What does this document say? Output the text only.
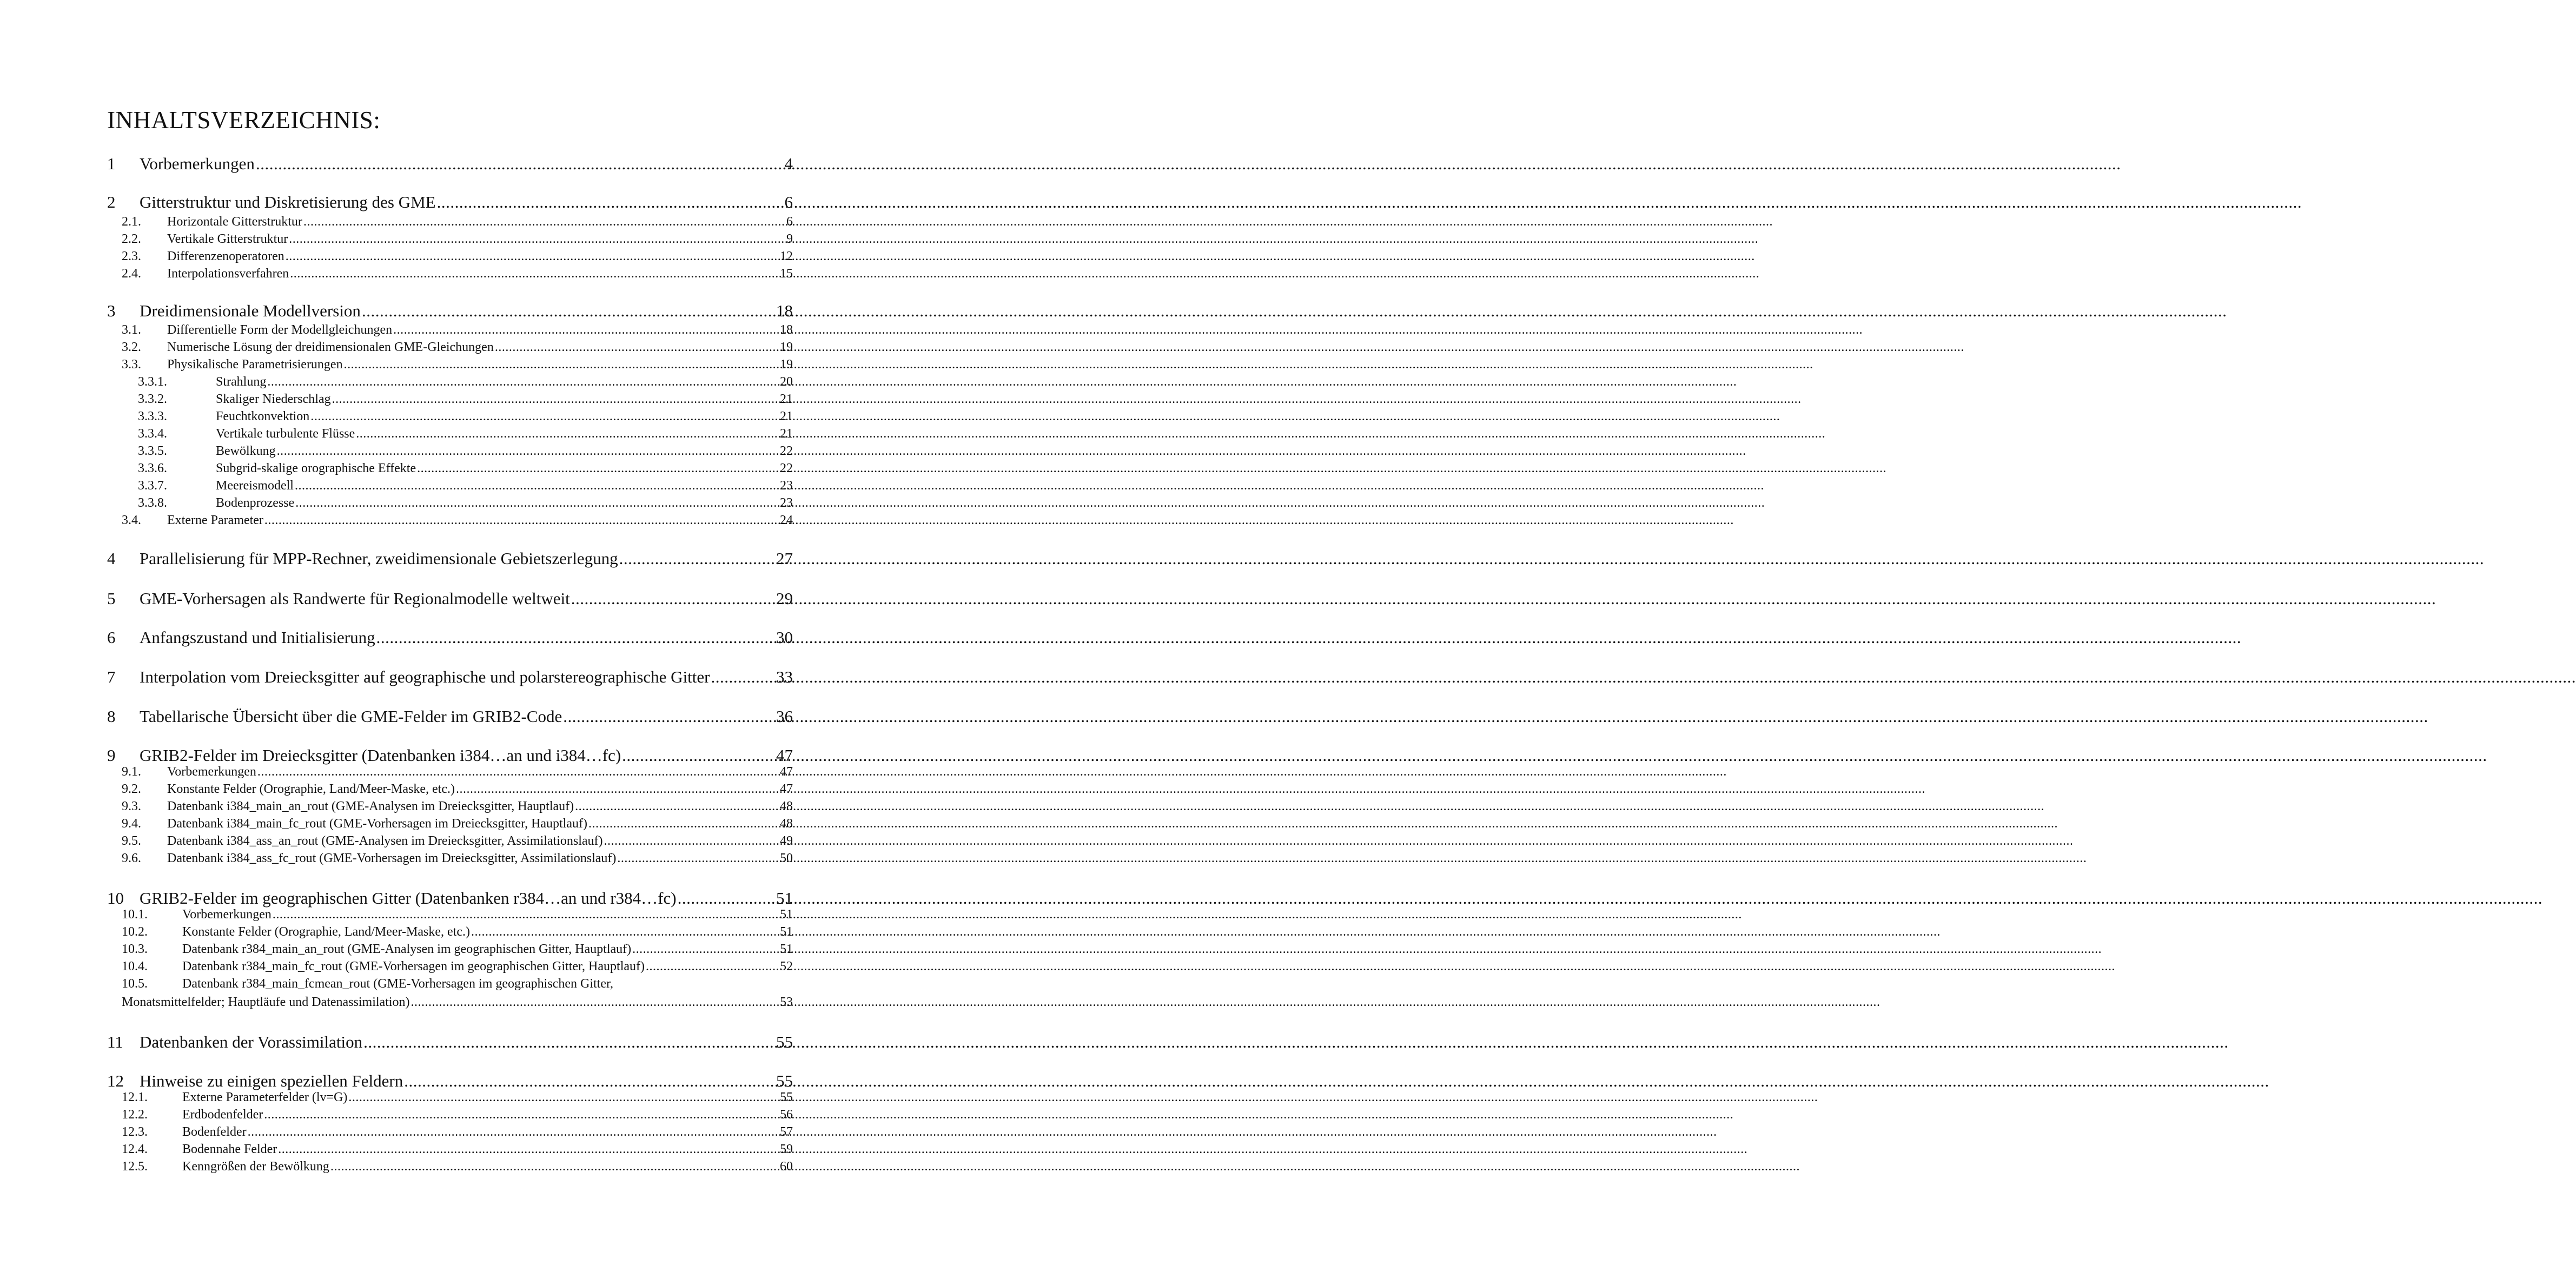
INHALTSVERZEICHNIS:
1	Vorbemerkungen .....	4
2	Gitterstruktur und Diskretisierung des GME .....	6
2.1.	Horizontale Gitterstruktur .....	6
2.2.	Vertikale Gitterstruktur .....	9
2.3.	Differenzenoperatoren .....	12
2.4.	Interpolationsverfahren .....	15
3	Dreidimensionale Modellversion .....	18
3.1.	Differentielle Form der Modellgleichungen .....	18
3.2.	Numerische Lösung der dreidimensionalen GME-Gleichungen .....	19
3.3.	Physikalische Parametrisierungen .....	19
3.3.1.	Strahlung .....	20
3.3.2.	Skaliger Niederschlag .....	21
3.3.3.	Feuchtkonvektion .....	21
3.3.4.	Vertikale turbulente Flüsse .....	21
3.3.5.	Bewölkung .....	22
3.3.6.	Subgrid-skalige orographische Effekte .....	22
3.3.7.	Meereismodell .....	23
3.3.8.	Bodenprozesse .....	23
3.4.	Externe Parameter .....	24
4	Parallelisierung für MPP-Rechner, zweidimensionale Gebietszerlegung .....	27
5	GME-Vorhersagen als Randwerte für Regionalmodelle weltweit .....	29
6	Anfangszustand und Initialisierung .....	30
7	Interpolation vom Dreiecksgitter auf geographische und polarstereographische Gitter .....	33
8	Tabellarische Übersicht über die GME-Felder im GRIB2-Code .....	36
9	GRIB2-Felder im Dreiecksgitter (Datenbanken i384…an und i384…fc) .....	47
9.1.	Vorbemerkungen .....	47
9.2.	Konstante Felder (Orographie, Land/Meer-Maske, etc.) .....	47
9.3.	Datenbank i384_main_an_rout (GME-Analysen im Dreiecksgitter, Hauptlauf) .....	48
9.4.	Datenbank i384_main_fc_rout (GME-Vorhersagen im Dreiecksgitter, Hauptlauf) .....	48
9.5.	Datenbank i384_ass_an_rout (GME-Analysen im Dreiecksgitter, Assimilationslauf) .....	49
9.6.	Datenbank i384_ass_fc_rout (GME-Vorhersagen im Dreiecksgitter, Assimilationslauf) .....	50
10 GRIB2-Felder im geographischen Gitter (Datenbanken r384…an und r384…fc) .....	51
10.1.	Vorbemerkungen .....	51
10.2.	Konstante Felder (Orographie, Land/Meer-Maske, etc.) .....	51
10.3.	Datenbank r384_main_an_rout (GME-Analysen im geographischen Gitter, Hauptlauf) .....	51
10.4.	Datenbank r384_main_fc_rout (GME-Vorhersagen im geographischen Gitter, Hauptlauf) .....	52
10.5.	Datenbank r384_main_fcmean_rout (GME-Vorhersagen im geographischen Gitter,
Monatsmittelfelder; Hauptläufe und Datenassimilation) .....	53
11 Datenbanken der Vorassimilation .....	55
12 Hinweise zu einigen speziellen Feldern .....	55
12.1.	Externe Parameterfelder (lv=G) .....	55
12.2.	Erdbodenfelder .....	56
12.3.	Bodenfelder .....	57
12.4.	Bodennahe Felder .....	59
12.5.	Kenngrößen der Bewölkung .....	60
